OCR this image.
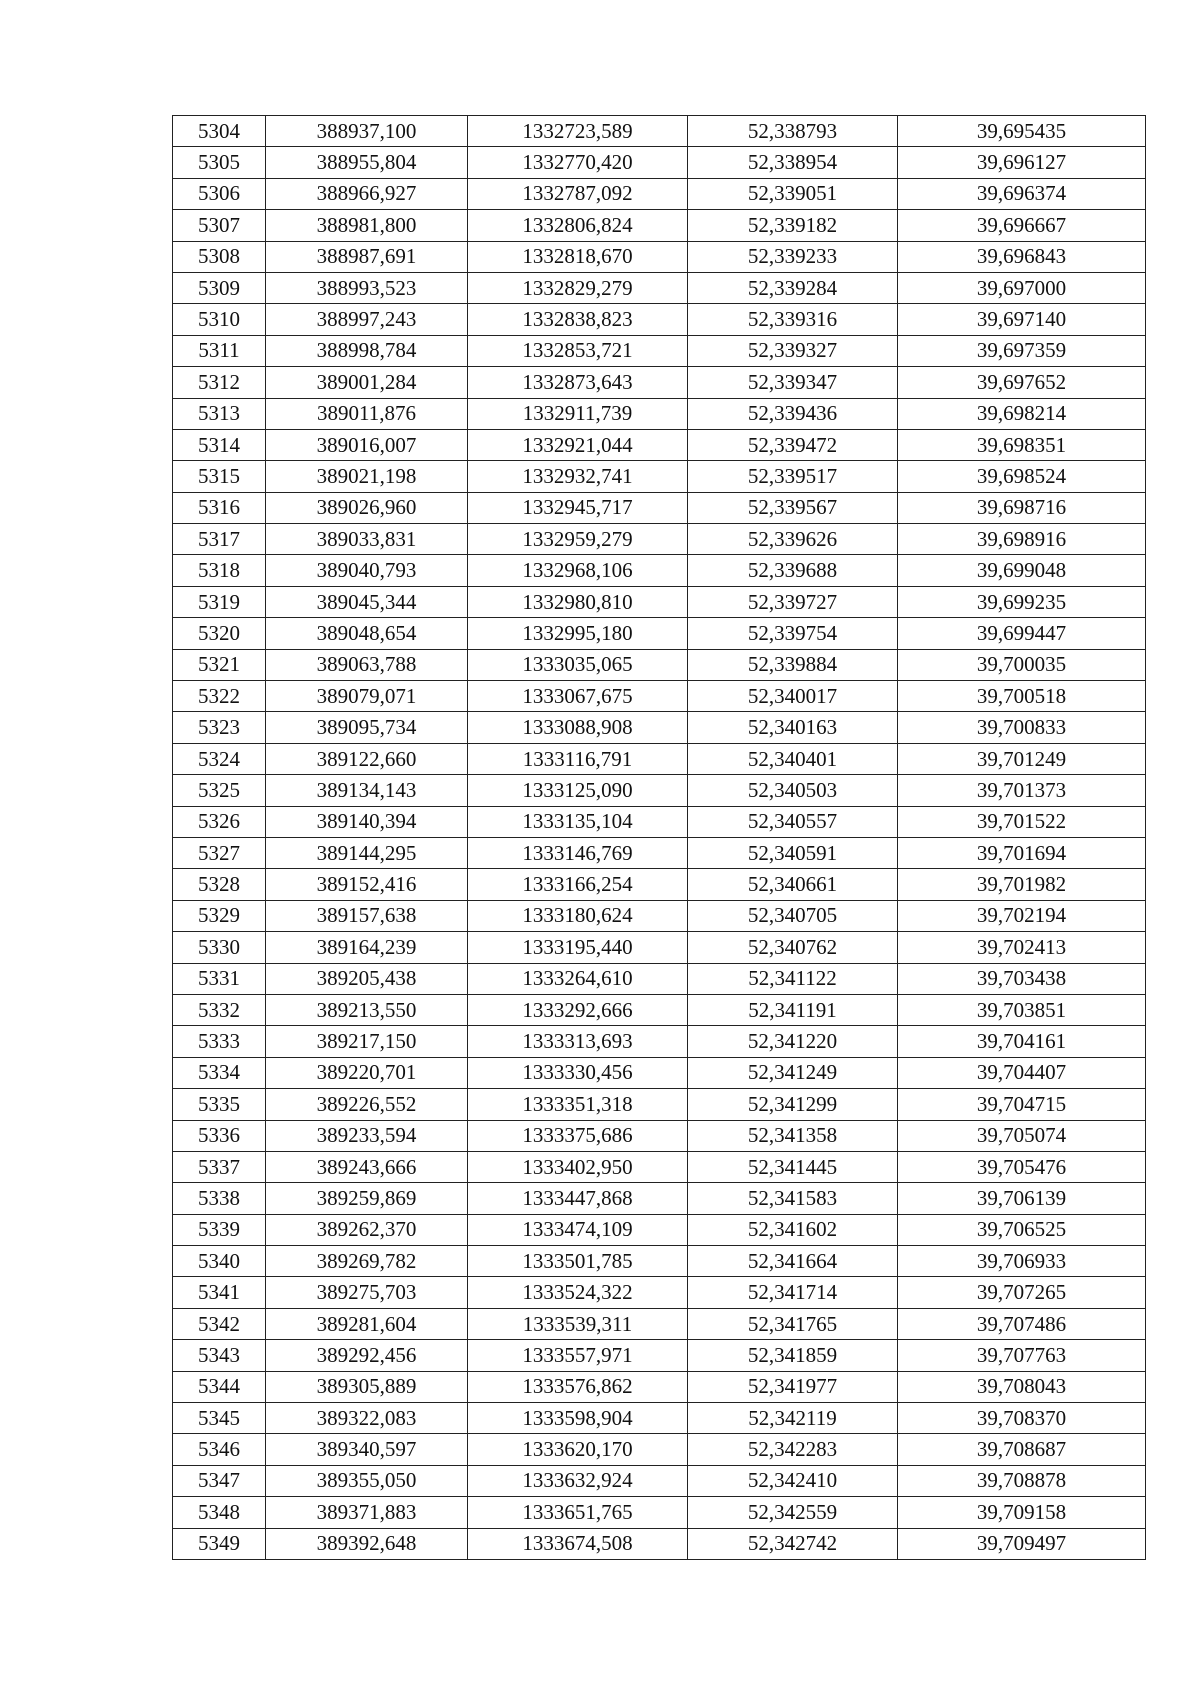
5304	388937,100	1332723,589	52,338793	39,695435
5305	388955,804	1332770,420	52,338954	39,696127
5306	388966,927	1332787,092	52,339051	39,696374
5307	388981,800	1332806,824	52,339182	39,696667
5308	388987,691	1332818,670	52,339233	39,696843
5309	388993,523	1332829,279	52,339284	39,697000
5310	388997,243	1332838,823	52,339316	39,697140
5311	388998,784	1332853,721	52,339327	39,697359
5312	389001,284	1332873,643	52,339347	39,697652
5313	389011,876	1332911,739	52,339436	39,698214
5314	389016,007	1332921,044	52,339472	39,698351
5315	389021,198	1332932,741	52,339517	39,698524
5316	389026,960	1332945,717	52,339567	39,698716
5317	389033,831	1332959,279	52,339626	39,698916
5318	389040,793	1332968,106	52,339688	39,699048
5319	389045,344	1332980,810	52,339727	39,699235
5320	389048,654	1332995,180	52,339754	39,699447
5321	389063,788	1333035,065	52,339884	39,700035
5322	389079,071	1333067,675	52,340017	39,700518
5323	389095,734	1333088,908	52,340163	39,700833
5324	389122,660	1333116,791	52,340401	39,701249
5325	389134,143	1333125,090	52,340503	39,701373
5326	389140,394	1333135,104	52,340557	39,701522
5327	389144,295	1333146,769	52,340591	39,701694
5328	389152,416	1333166,254	52,340661	39,701982
5329	389157,638	1333180,624	52,340705	39,702194
5330	389164,239	1333195,440	52,340762	39,702413
5331	389205,438	1333264,610	52,341122	39,703438
5332	389213,550	1333292,666	52,341191	39,703851
5333	389217,150	1333313,693	52,341220	39,704161
5334	389220,701	1333330,456	52,341249	39,704407
5335	389226,552	1333351,318	52,341299	39,704715
5336	389233,594	1333375,686	52,341358	39,705074
5337	389243,666	1333402,950	52,341445	39,705476
5338	389259,869	1333447,868	52,341583	39,706139
5339	389262,370	1333474,109	52,341602	39,706525
5340	389269,782	1333501,785	52,341664	39,706933
5341	389275,703	1333524,322	52,341714	39,707265
5342	389281,604	1333539,311	52,341765	39,707486
5343	389292,456	1333557,971	52,341859	39,707763
5344	389305,889	1333576,862	52,341977	39,708043
5345	389322,083	1333598,904	52,342119	39,708370
5346	389340,597	1333620,170	52,342283	39,708687
5347	389355,050	1333632,924	52,342410	39,708878
5348	389371,883	1333651,765	52,342559	39,709158
5349	389392,648	1333674,508	52,342742	39,709497
